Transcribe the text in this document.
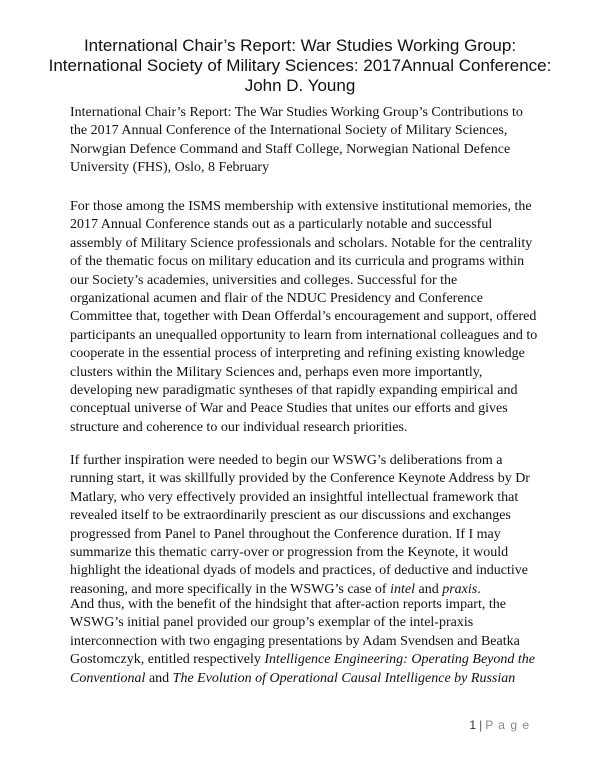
International Chair’s Report: War Studies Working Group:
International Society of Military Sciences: 2017Annual Conference:
John D. Young
International Chair’s Report: The War Studies Working Group’s Contributions to
the 2017 Annual Conference of the International Society of Military Sciences,
Norwgian Defence Command and Staff College, Norwegian National Defence
University (FHS), Oslo, 8 February
For those among the ISMS membership with extensive institutional memories, the
2017 Annual Conference stands out as a particularly notable and successful
assembly of Military Science professionals and scholars. Notable for the centrality
of the thematic focus on military education and its curricula and programs within
our Society’s academies, universities and colleges. Successful for the
organizational acumen and flair of the NDUC Presidency and Conference
Committee that, together with Dean Offerdal’s encouragement and support, offered
participants an unequalled opportunity to learn from international colleagues and to
cooperate in the essential process of interpreting and refining existing knowledge
clusters within the Military Sciences and, perhaps even more importantly,
developing new paradigmatic syntheses of that rapidly expanding empirical and
conceptual universe of War and Peace Studies that unites our efforts and gives
structure and coherence to our individual research priorities.
If further inspiration were needed to begin our WSWG’s deliberations from a
running start, it was skillfully provided by the Conference Keynote Address by Dr
Matlary, who very effectively provided an insightful intellectual framework that
revealed itself to be extraordinarily prescient as our discussions and exchanges
progressed from Panel to Panel throughout the Conference duration. If I may
summarize this thematic carry-over or progression from the Keynote, it would
highlight the ideational dyads of models and practices, of deductive and inductive
reasoning, and more specifically in the WSWG’s case of intel and praxis.
And thus, with the benefit of the hindsight that after-action reports impart, the
WSWG’s initial panel provided our group’s exemplar of the intel-praxis
interconnection with two engaging presentations by Adam Svendsen and Beatka
Gostomczyk, entitled respectively Intelligence Engineering: Operating Beyond the
Conventional and The Evolution of Operational Causal Intelligence by Russian
1 | P a g e
